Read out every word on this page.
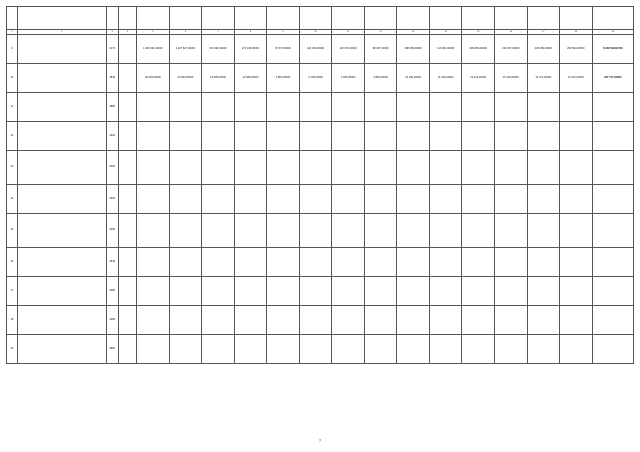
1	2	3	4	5	6	7	8	9	10	11	12	13	14	15	16	17	18	19
9		4172		1 290 491,00000	2 327 827,00000	372 492,00000	272 318,00000	97 673,00000	143 293,00000	116 372,00000	98 337,00000	288 283,00000	113 961,00000	299 953,00000	218 337,00000	225 483,00000	259 593,00000	8 348 599,84799
10		4840		39 039,00000	22 992,00000	10 820,00000	22 568,00000	3 863,00000	6 138,00000	3 283,00000	3 863,00000	14 392,00000	11 226,00000	22 413,00000	15 194,00000	10 372,00000	16 372,00000	287 717,00000
11		4880																
12		4320																
13		4020																
14		4220																
15		4090																
16		4540																
17		4080																
18		4080																
19		4990																
7
